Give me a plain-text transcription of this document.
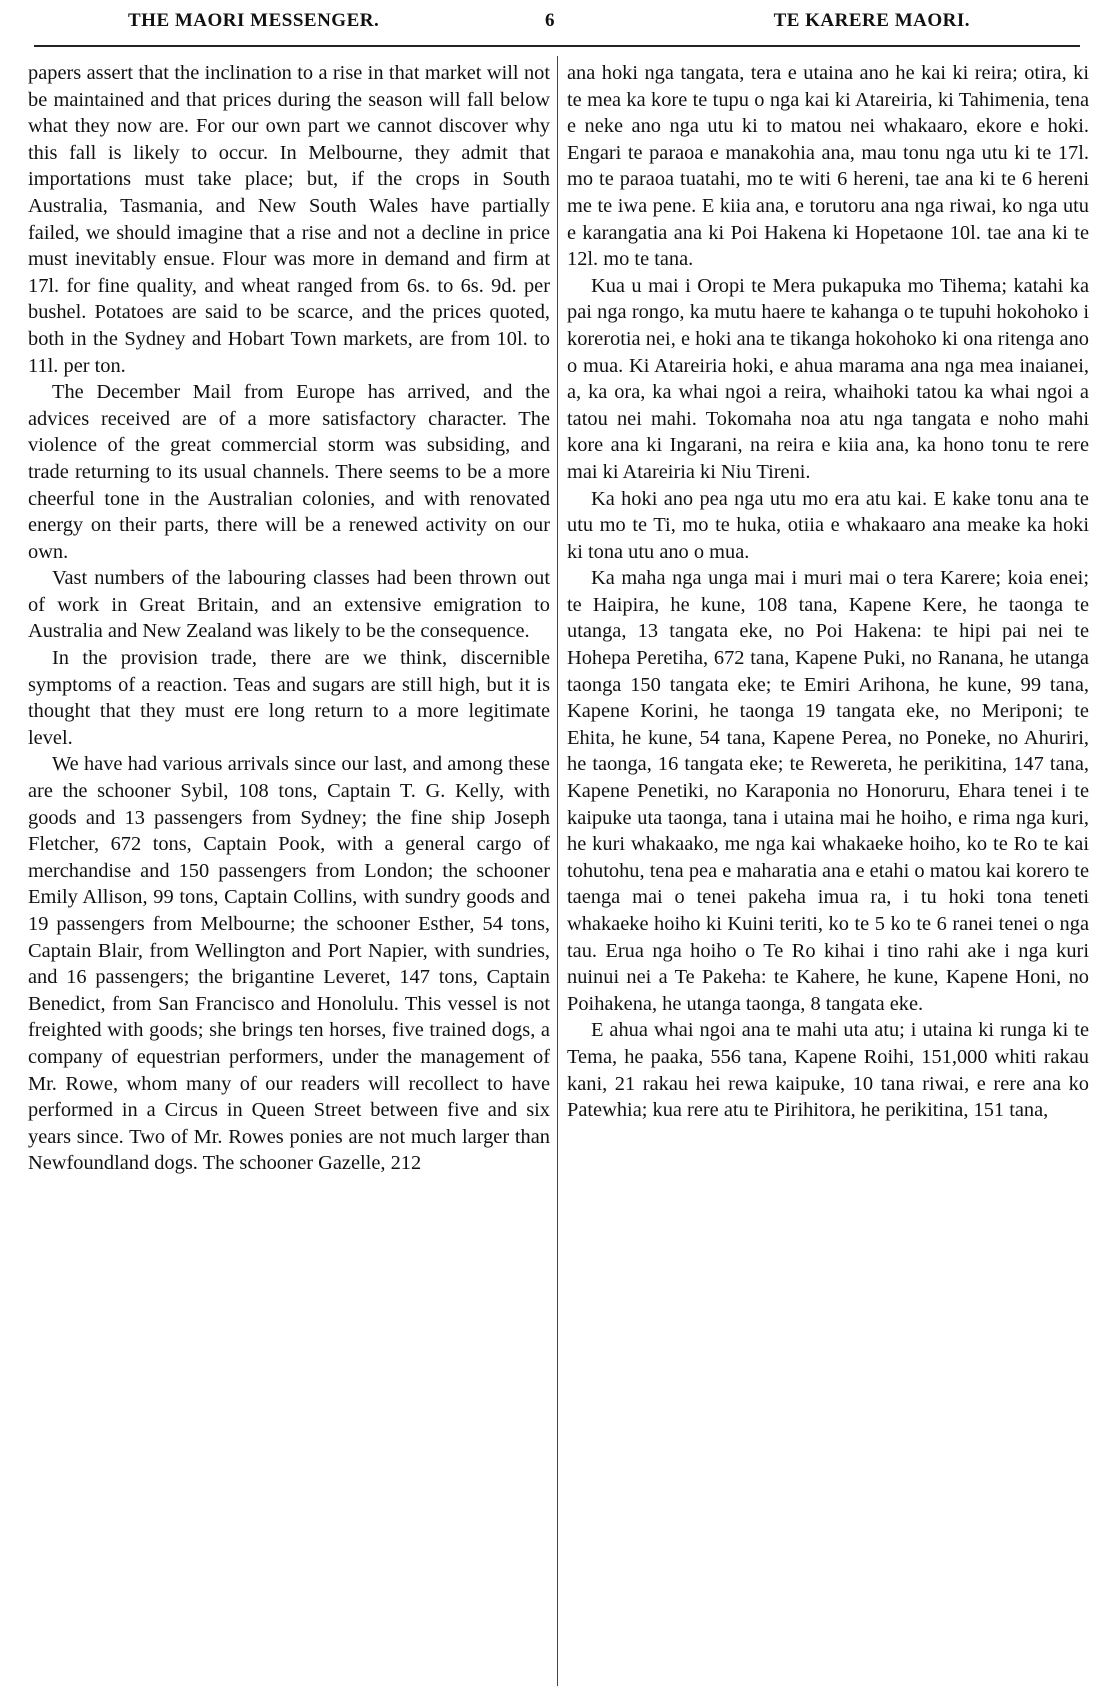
THE MAORI MESSENGER.	6	TE KARERE MAORI.

papers assert that the inclination to a rise in that market will not be maintained and that prices during the season will fall below what they now are. For our own part we cannot discover why this fall is likely to occur. In Melbourne, they admit that importations must take place; but, if the crops in South Australia, Tasmania, and New South Wales have partially failed, we should imagine that a rise and not a decline in price must inevitably ensue. Flour was more in demand and firm at 17l. for fine quality, and wheat ranged from 6s. to 6s. 9d. per bushel. Potatoes are said to be scarce, and the prices quoted, both in the Sydney and Hobart Town markets, are from 10l. to 11l. per ton.

The December Mail from Europe has arrived, and the advices received are of a more satisfactory character. The violence of the great commercial storm was subsiding, and trade returning to its usual channels. There seems to be a more cheerful tone in the Australian colonies, and with renovated energy on their parts, there will be a renewed activity on our own.

Vast numbers of the labouring classes had been thrown out of work in Great Britain, and an extensive emigration to Australia and New Zealand was likely to be the consequence.

In the provision trade, there are we think, discernible symptoms of a reaction. Teas and sugars are still high, but it is thought that they must ere long return to a more legitimate level.

We have had various arrivals since our last, and among these are the schooner Sybil, 108 tons, Captain T. G. Kelly, with goods and 13 passengers from Sydney; the fine ship Joseph Fletcher, 672 tons, Captain Pook, with a general cargo of merchandise and 150 passengers from London; the schooner Emily Allison, 99 tons, Captain Collins, with sundry goods and 19 passengers from Melbourne; the schooner Esther, 54 tons, Captain Blair, from Wellington and Port Napier, with sundries, and 16 passengers; the brigantine Leveret, 147 tons, Captain Benedict, from San Francisco and Honolulu. This vessel is not freighted with goods; she brings ten horses, five trained dogs, a company of equestrian performers, under the management of Mr. Rowe, whom many of our readers will recollect to have performed in a Circus in Queen Street between five and six years since. Two of Mr. Rowes ponies are not much larger than Newfoundland dogs. The schooner Gazelle, 212

ana hoki nga tangata, tera e utaina ano he kai ki reira; otira, ki te mea ka kore te tupu o nga kai ki Atareiria, ki Tahimenia, tena e neke ano nga utu ki to matou nei whakaaro, ekore e hoki. Engari te paraoa e manakohia ana, mau tonu nga utu ki te 17l. mo te paraoa tuatahi, mo te witi 6 hereni, tae ana ki te 6 hereni me te iwa pene. E kiia ana, e torutoru ana nga riwai, ko nga utu e karangatia ana ki Poi Hakena ki Hopetaone 10l. tae ana ki te 12l. mo te tana.

Kua u mai i Oropi te Mera pukapuka mo Tihema; katahi ka pai nga rongo, ka mutu haere te kahanga o te tupuhi hokohoko i korerotia nei, e hoki ana te tikanga hokohoko ki ona ritenga ano o mua. Ki Atareiria hoki, e ahua marama ana nga mea inaianei, a, ka ora, ka whai ngoi a reira, whaihoki tatou ka whai ngoi a tatou nei mahi. Tokomaha noa atu nga tangata e noho mahi kore ana ki Ingarani, na reira e kiia ana, ka hono tonu te rere mai ki Atareiria ki Niu Tireni.

Ka hoki ano pea nga utu mo era atu kai. E kake tonu ana te utu mo te Ti, mo te huka, otiia e whakaaro ana meake ka hoki ki tona utu ano o mua.

Ka maha nga unga mai i muri mai o tera Karere; koia enei; te Haipira, he kune, 108 tana, Kapene Kere, he taonga te utanga, 13 tangata eke, no Poi Hakena: te hipi pai nei te Hohepa Peretiha, 672 tana, Kapene Puki, no Ranana, he utanga taonga 150 tangata eke; te Emiri Arihona, he kune, 99 tana, Kapene Korini, he taonga 19 tangata eke, no Meriponi; te Ehita, he kune, 54 tana, Kapene Perea, no Poneke, no Ahuriri, he taonga, 16 tangata eke; te Rewereta, he perikitina, 147 tana, Kapene Penetiki, no Karaponia no Honoruru, Ehara tenei i te kaipuke uta taonga, tana i utaina mai he hoiho, e rima nga kuri, he kuri whakaako, me nga kai whakaeke hoiho, ko te Ro te kai tohutohu, tena pea e maharatia ana e etahi o matou kai korero te taenga mai o tenei pakeha imua ra, i tu hoki tona teneti whakaeke hoiho ki Kuini teriti, ko te 5 ko te 6 ranei tenei o nga tau. Erua nga hoiho o Te Ro kihai i tino rahi ake i nga kuri nuinui nei a Te Pakeha: te Kahere, he kune, Kapene Honi, no Poihakena, he utanga taonga, 8 tangata eke.

E ahua whai ngoi ana te mahi uta atu; i utaina ki runga ki te Tema, he paaka, 556 tana, Kapene Roihi, 151,000 whiti rakau kani, 21 rakau hei rewa kaipuke, 10 tana riwai, e rere ana ko Patewhia; kua rere atu te Pirihitora, he perikitina, 151 tana,
